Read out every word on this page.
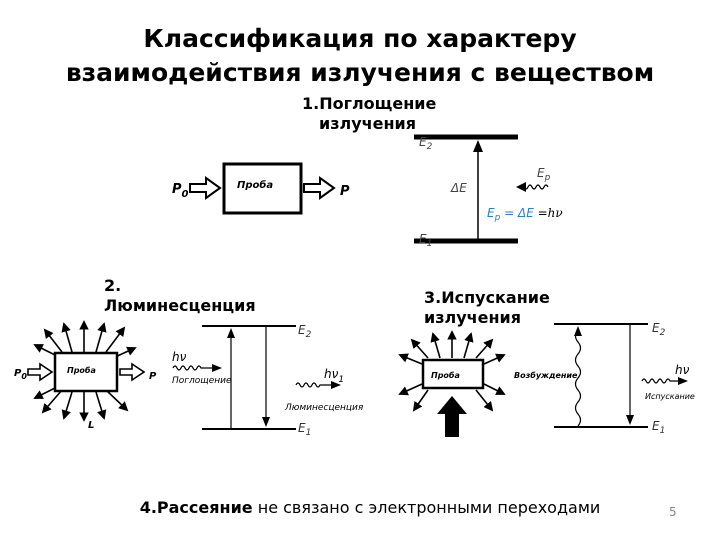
Классификация по характеру
взаимодействия излучения с веществом
1.Поглощение
излучения
2.
Люминесценция	3.Испускание
излучения
$P_0$
Проба	P
$E_2$
$E_1$
ΔE
$E_p$
$E_p = \Delta E =h\nu$
$P_0$
Проба
P
L
$E_2$
$E_1$
hν
Поглощение	$h\nu_1$
Люминесценция
Проба
$E_2$
$E_1$
Возбуждение	hν
Испускание
4.Рассеяние не связано с электронными переходами	5
